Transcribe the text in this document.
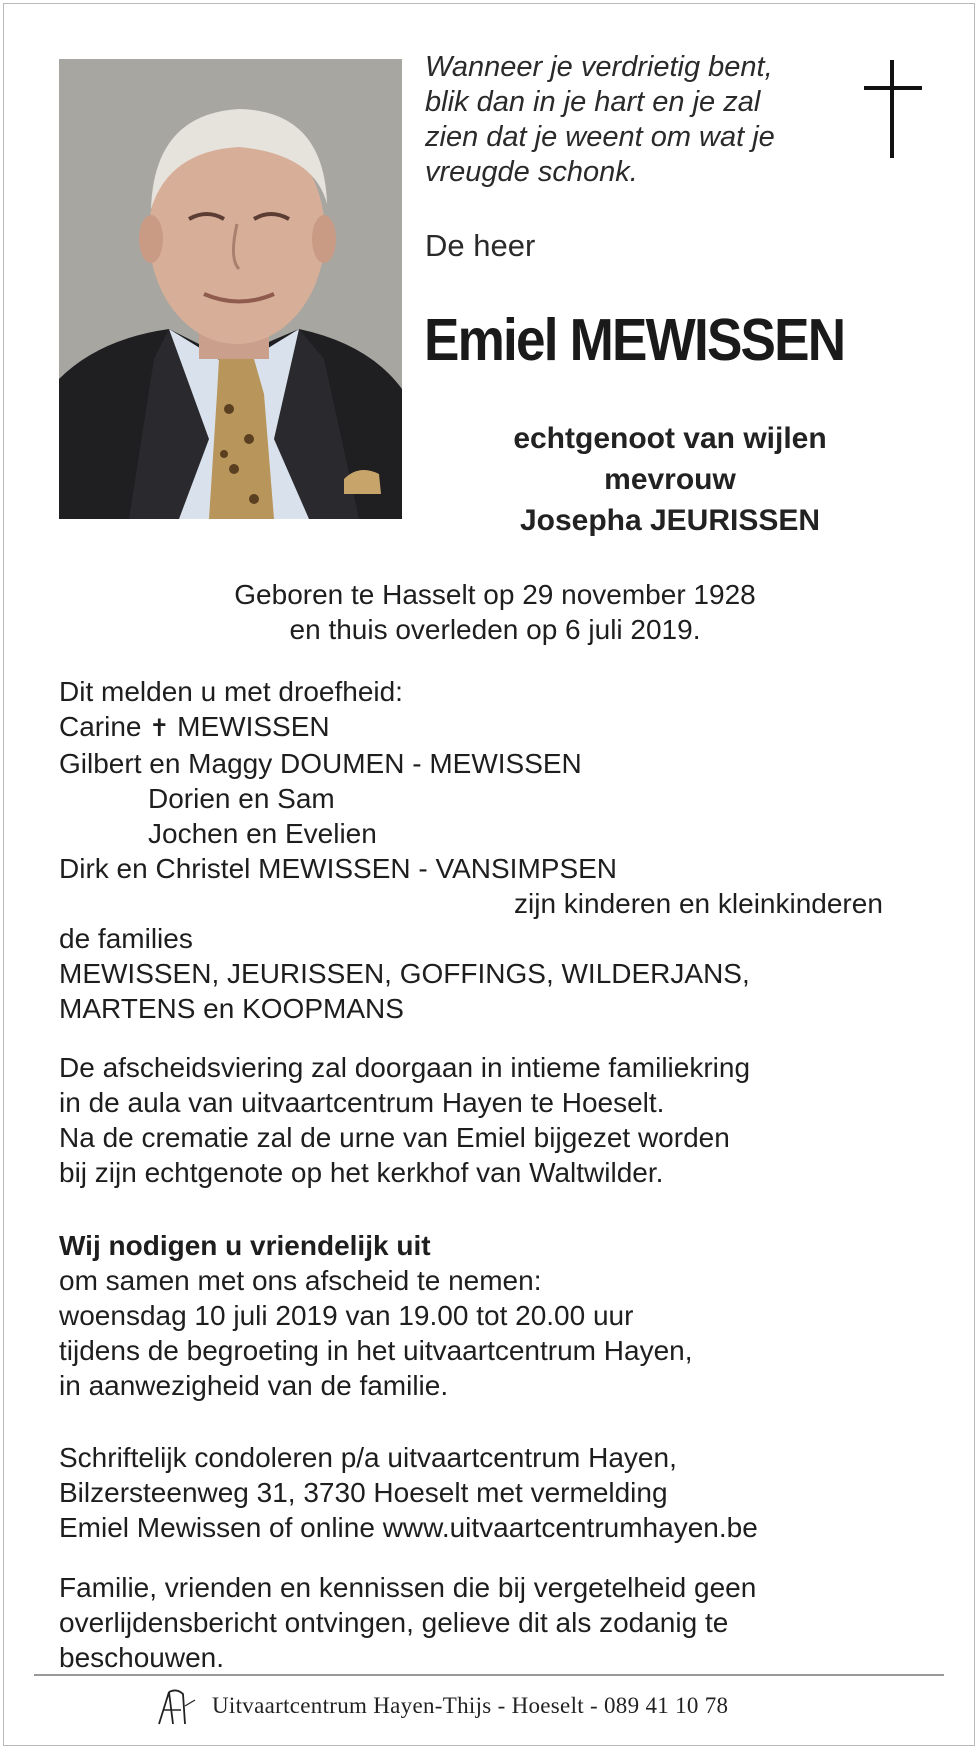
Wanneer je verdrietig bent,
blik dan in je hart en je zal
zien dat je weent om wat je
vreugde schonk.
De heer
Emiel MEWISSEN
echtgenoot van wijlen
mevrouw
Josepha JEURISSEN
Geboren te Hasselt op 29 november 1928
en thuis overleden op 6 juli 2019.
Dit melden u met droefheid:
Carine ✝ MEWISSEN
Gilbert en Maggy DOUMEN - MEWISSEN
Dorien en Sam
Jochen en Evelien
Dirk en Christel MEWISSEN - VANSIMPSEN
zijn kinderen en kleinkinderen
de families
MEWISSEN, JEURISSEN, GOFFINGS, WILDERJANS,
MARTENS en KOOPMANS
De afscheidsviering zal doorgaan in intieme familiekring
in de aula van uitvaartcentrum Hayen te Hoeselt.
Na de crematie zal de urne van Emiel bijgezet worden
bij zijn echtgenote op het kerkhof van Waltwilder.
Wij nodigen u vriendelijk uit
om samen met ons afscheid te nemen:
woensdag 10 juli 2019 van 19.00 tot 20.00 uur
tijdens de begroeting in het uitvaartcentrum Hayen,
in aanwezigheid van de familie.
Schriftelijk condoleren p/a uitvaartcentrum Hayen,
Bilzersteenweg 31, 3730 Hoeselt met vermelding
Emiel Mewissen of online www.uitvaartcentrumhayen.be
Familie, vrienden en kennissen die bij vergetelheid geen
overlijdensbericht ontvingen, gelieve dit als zodanig te
beschouwen.
Uitvaartcentrum Hayen-Thijs - Hoeselt - 089 41 10 78
